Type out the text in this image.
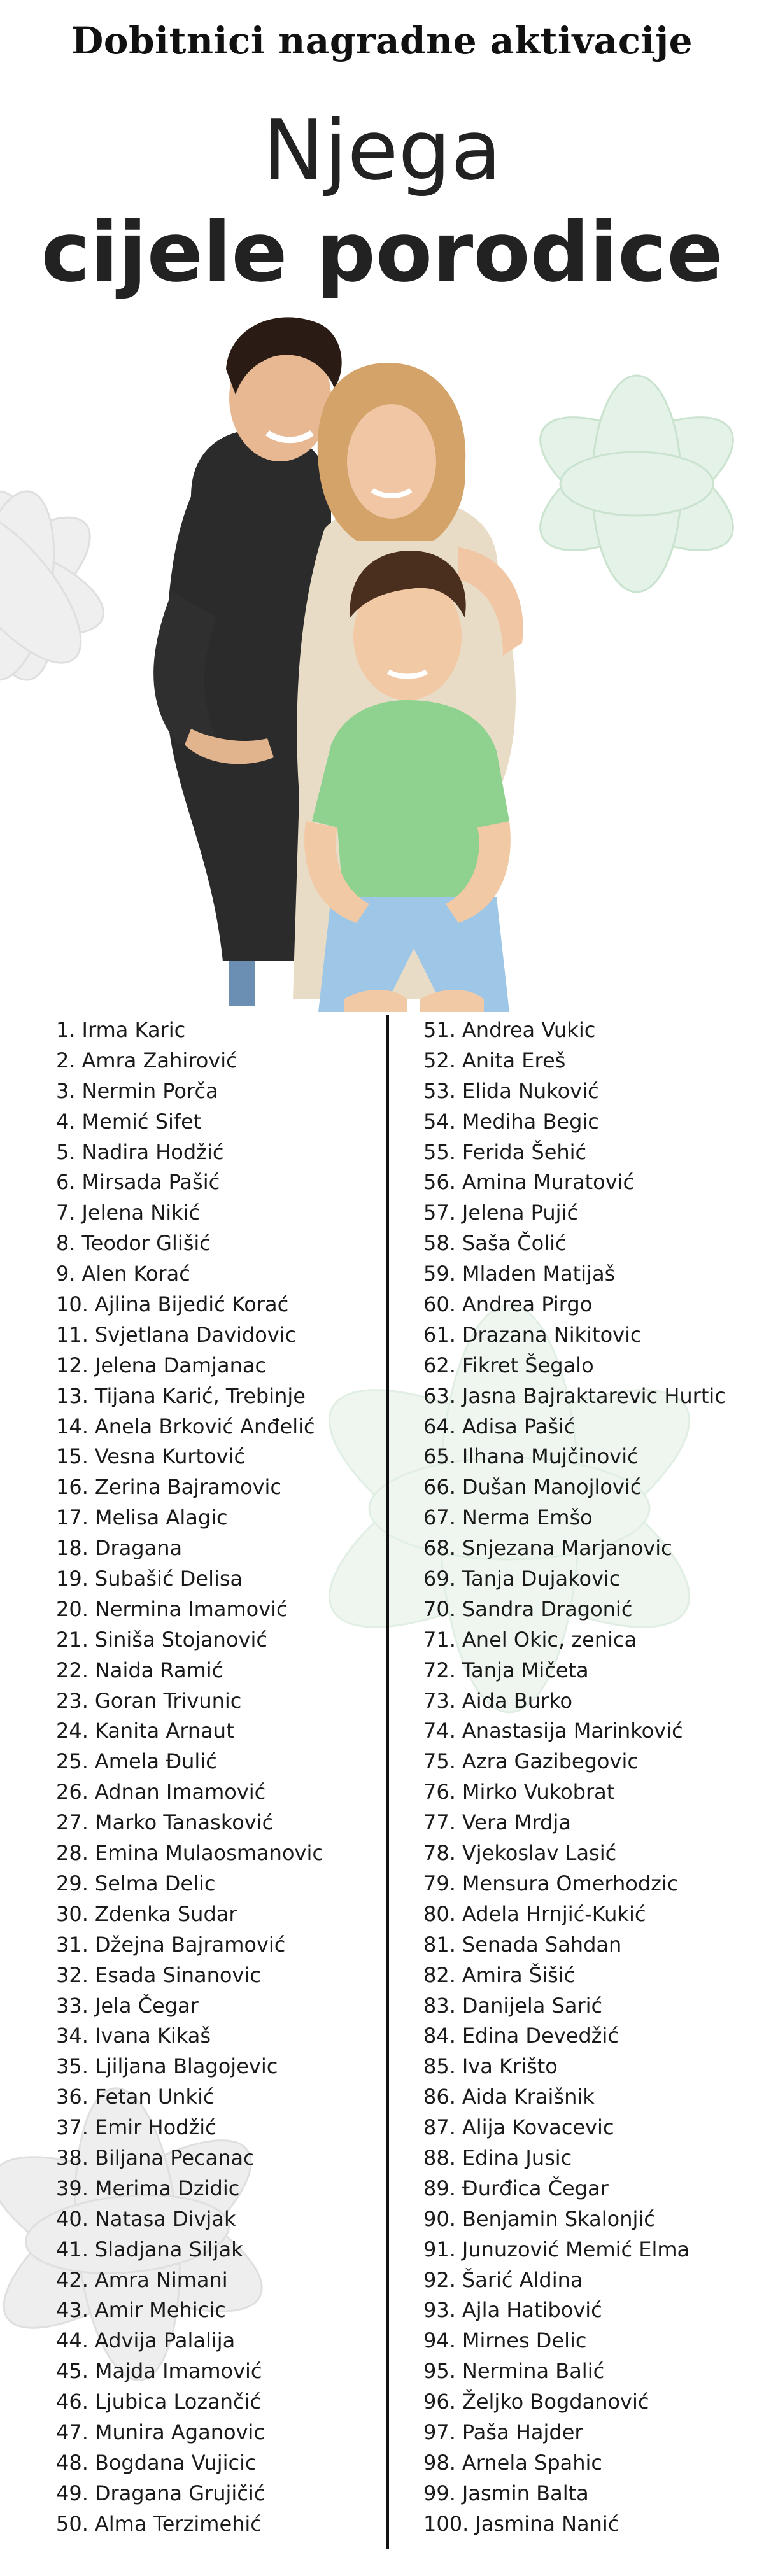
Dobitnici nagradne aktivacije
Njega
cijele porodice
1. Irma Karic
2. Amra Zahirović
3. Nermin Porča
4. Memić Sifet
5. Nadira Hodžić
6. Mirsada Pašić
7. Jelena Nikić
8. Teodor Glišić
9. Alen Korać
10. Ajlina Bijedić Korać
11. Svjetlana Davidovic
12. Jelena Damjanac
13. Tijana Karić, Trebinje
14. Anela Brković Anđelić
15. Vesna Kurtović
16. Zerina Bajramovic
17. Melisa Alagic
18. Dragana
19. Subašić Delisa
20. Nermina Imamović
21. Siniša Stojanović
22. Naida Ramić
23. Goran Trivunic
24. Kanita Arnaut
25. Amela Đulić
26. Adnan Imamović
27. Marko Tanasković
28. Emina Mulaosmanovic
29. Selma Delic
30. Zdenka Sudar
31. Džejna Bajramović
32. Esada Sinanovic
33. Jela Čegar
34. Ivana Kikaš
35. Ljiljana Blagojevic
36. Fetan Unkić
37. Emir Hodžić
38. Biljana Pecanac
39. Merima Dzidic
40. Natasa Divjak
41. Sladjana Siljak
42. Amra Nimani
43. Amir Mehicic
44. Advija Palalija
45. Majda Imamović
46. Ljubica Lozančić
47. Munira Aganovic
48. Bogdana Vujicic
49. Dragana Grujičić
50. Alma Terzimehić
51. Andrea Vukic
52. Anita Ereš
53. Elida Nuković
54. Mediha Begic
55. Ferida Šehić
56. Amina Muratović
57. Jelena Pujić
58. Saša Čolić
59. Mladen Matijaš
60. Andrea Pirgo
61. Drazana Nikitovic
62. Fikret Šegalo
63. Jasna Bajraktarevic Hurtic
64. Adisa Pašić
65. Ilhana Mujčinović
66. Dušan Manojlović
67. Nerma Emšo
68. Snjezana Marjanovic
69. Tanja Dujakovic
70. Sandra Dragonić
71. Anel Okic, zenica
72. Tanja Mičeta
73. Aida Burko
74. Anastasija Marinković
75. Azra Gazibegovic
76. Mirko Vukobrat
77. Vera Mrdja
78. Vjekoslav Lasić
79. Mensura Omerhodzic
80. Adela Hrnjić-Kukić
81. Senada Sahdan
82. Amira Šišić
83. Danijela Sarić
84. Edina Devedžić
85. Iva Krišto
86. Aida Kraišnik
87. Alija Kovacevic
88. Edina Jusic
89. Đurđica Čegar
90. Benjamin Skalonjić
91. Junuzović Memić Elma
92. Šarić Aldina
93. Ajla Hatibović
94. Mirnes Delic
95. Nermina Balić
96. Željko Bogdanović
97. Paša Hajder
98. Arnela Spahic
99. Jasmin Balta
100. Jasmina Nanić
